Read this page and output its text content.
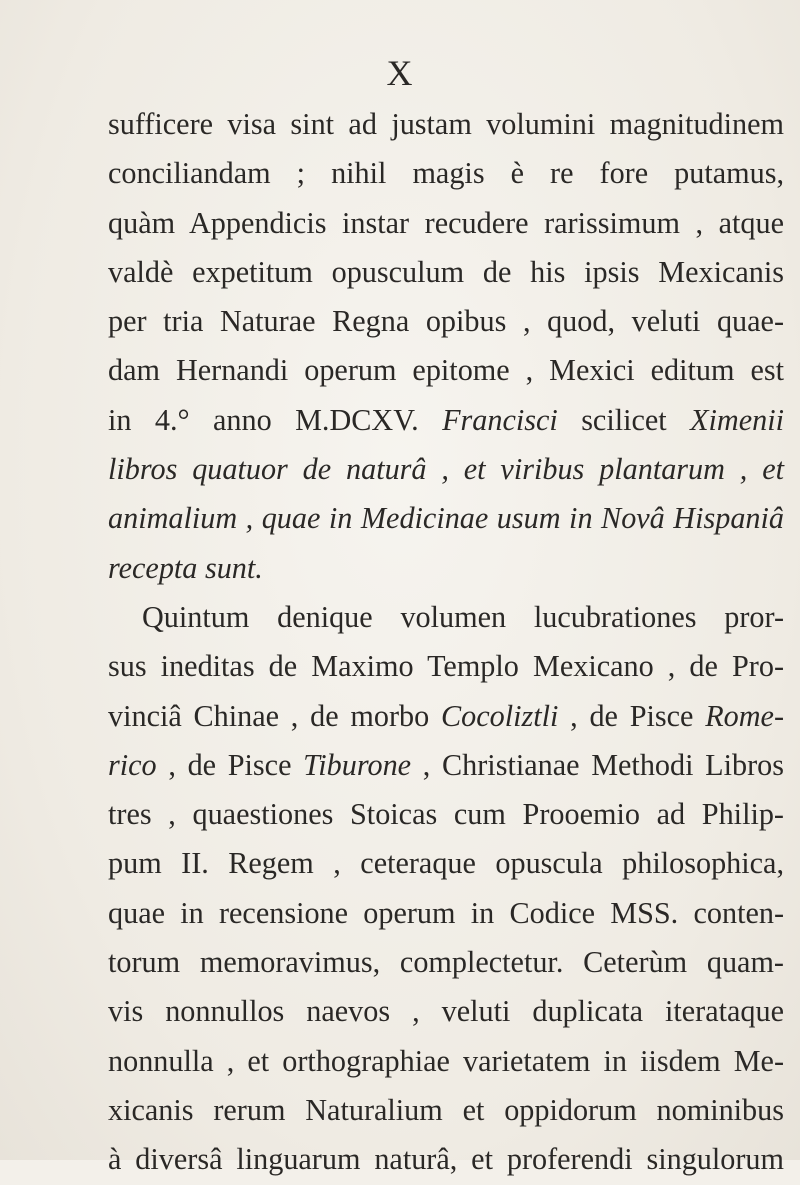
X
sufficere visa sint ad justam volumini magnitudinem
conciliandam ; nihil magis è re fore putamus,
quàm Appendicis instar recudere rarissimum , atque
valdè expetitum opusculum de his ipsis Mexicanis
per tria Naturae Regna opibus , quod, veluti quae-
dam Hernandi operum epitome , Mexici editum est
in 4.° anno M.DCXV. Francisci scilicet Ximenii
libros quatuor de naturâ , et viribus plantarum , et
animalium , quae in Medicinae usum in Novâ Hispaniâ
recepta sunt.
Quintum denique volumen lucubrationes pror-
sus ineditas de Maximo Templo Mexicano , de Pro-
vinciâ Chinae , de morbo Cocoliztli , de Pisce Rome-
rico , de Pisce Tiburone , Christianae Methodi Libros
tres , quaestiones Stoicas cum Prooemio ad Philip-
pum II. Regem , ceteraque opuscula philosophica,
quae in recensione operum in Codice MSS. conten-
torum memoravimus, complectetur. Ceterùm quam-
vis nonnullos naevos , veluti duplicata iterataque
nonnulla , et orthographiae varietatem in iisdem Me-
xicanis rerum Naturalium et oppidorum nominibus
à diversâ linguarum naturâ, et proferendi singulorum
